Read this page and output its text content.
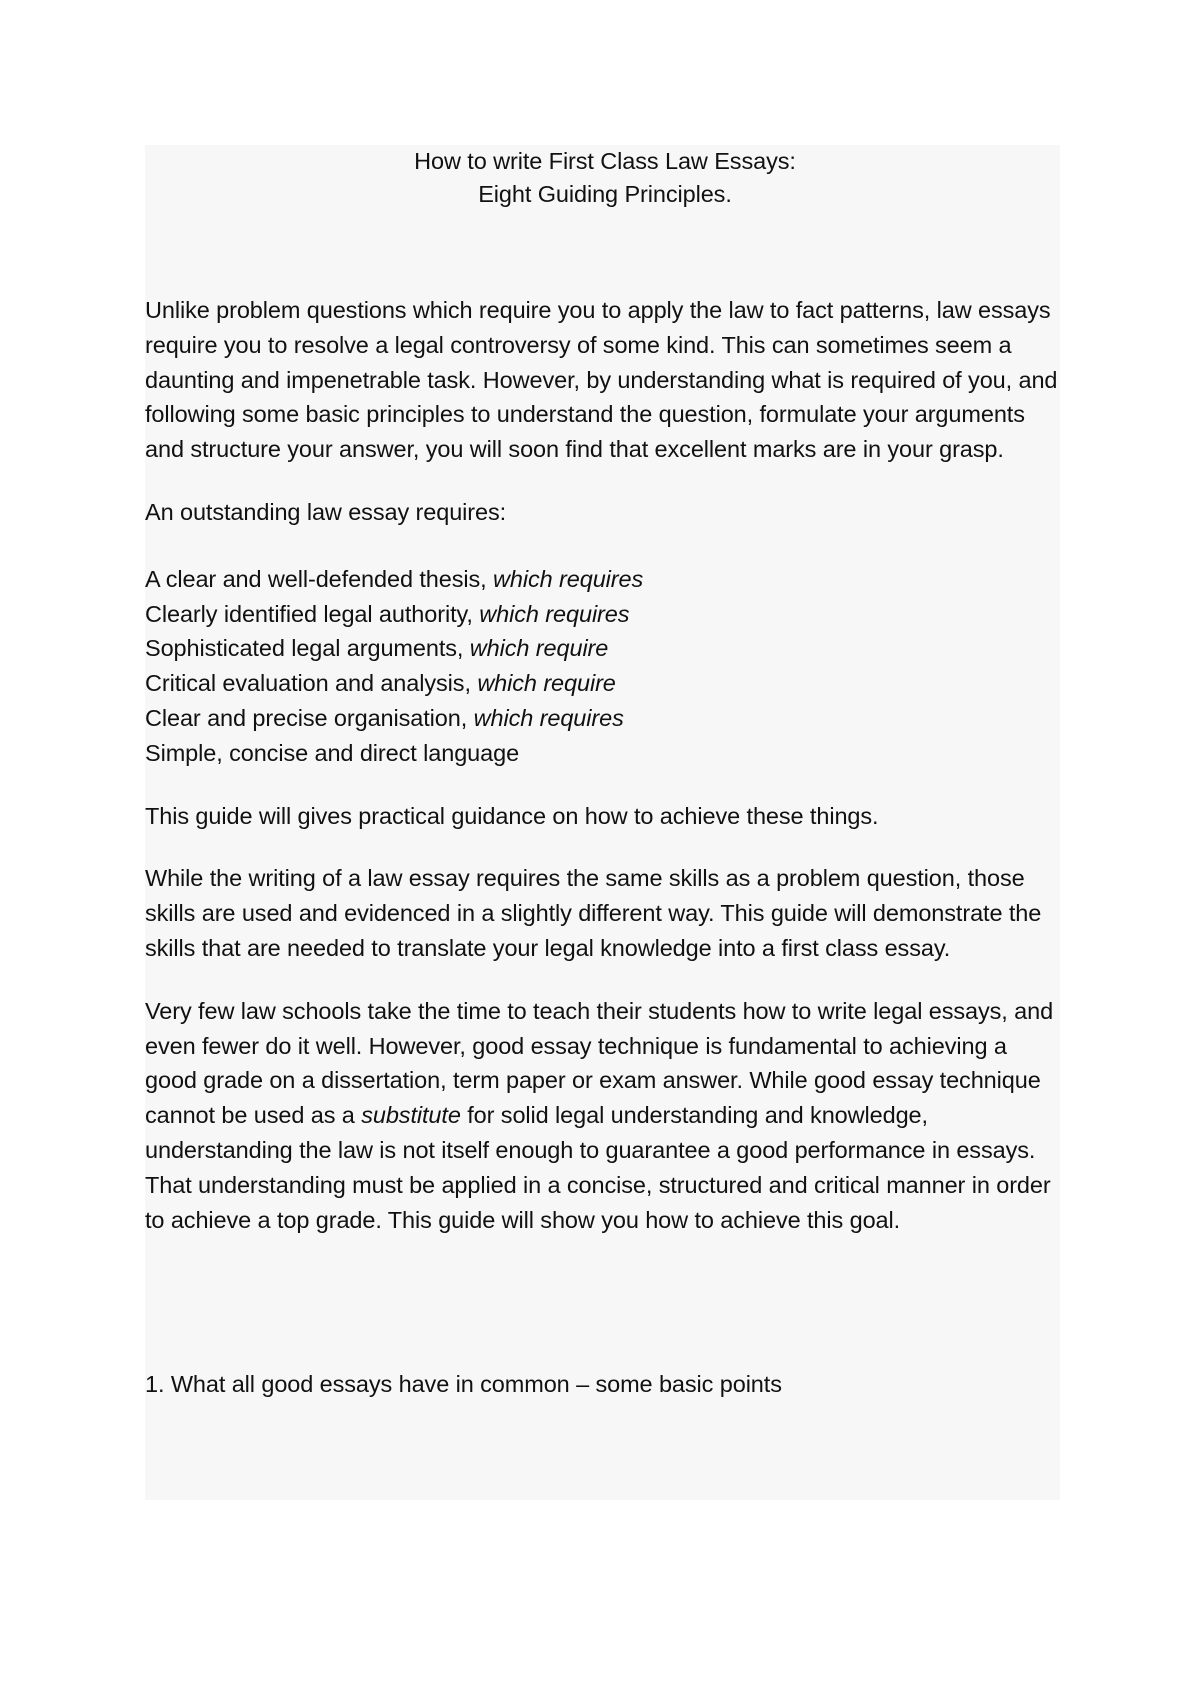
How to write First Class Law Essays:
Eight Guiding Principles.

Unlike problem questions which require you to apply the law to fact patterns, law essays require you to resolve a legal controversy of some kind. This can sometimes seem a daunting and impenetrable task. However, by understanding what is required of you, and following some basic principles to understand the question, formulate your arguments and structure your answer, you will soon find that excellent marks are in your grasp.

An outstanding law essay requires:

A clear and well-defended thesis, which requires
Clearly identified legal authority, which requires
Sophisticated legal arguments, which require
Critical evaluation and analysis, which require
Clear and precise organisation, which requires
Simple, concise and direct language

This guide will gives practical guidance on how to achieve these things.

While the writing of a law essay requires the same skills as a problem question, those skills are used and evidenced in a slightly different way. This guide will demonstrate the skills that are needed to translate your legal knowledge into a first class essay.

Very few law schools take the time to teach their students how to write legal essays, and even fewer do it well. However, good essay technique is fundamental to achieving a good grade on a dissertation, term paper or exam answer. While good essay technique cannot be used as a substitute for solid legal understanding and knowledge, understanding the law is not itself enough to guarantee a good performance in essays. That understanding must be applied in a concise, structured and critical manner in order to achieve a top grade. This guide will show you how to achieve this goal.

1. What all good essays have in common – some basic points
